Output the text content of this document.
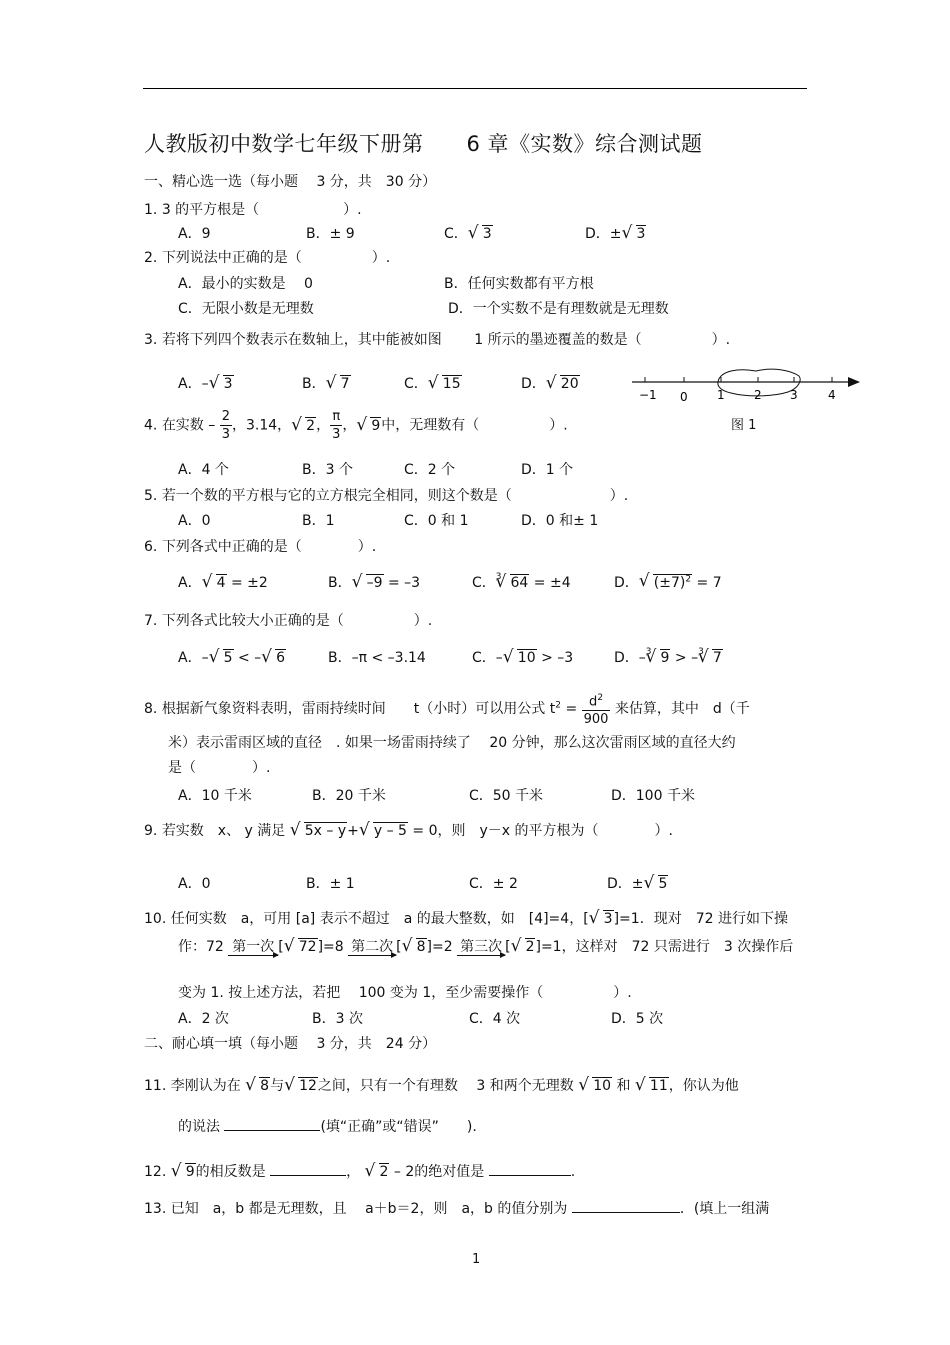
人教版初中数学七年级下册第　　6 章《实数》综合测试题
一、精心选一选（每小题　 3 分，共　30 分）
1. 3 的平方根是（　　　　　　）.
A．9	B．± 9	C． √ 3	D．± √ 3
2. 下列说法中正确的是（　　　　　）.
A．最小的实数是　 0	B．任何实数都有平方根
C．无限小数是无理数	D．一个实数不是有理数就是无理数
3. 若将下列四个数表示在数轴上，其中能被如图　　 1 所示的墨迹覆盖的数是（　　　　　）.
A．– √ 3	B． √ 7	C． √ 15	D． √ 20
−1 0 1 2 3	4
图 1
4. 在实数 – $\frac{2}{3}$ ，3.14， √ 2， $\frac{\pi}{3}$ ， √ 9中，无理数有（　　　　　）.
A．4 个	B．3 个	C．2 个	D．1 个
5. 若一个数的平方根与它的立方根完全相同，则这个数是（　　　　　　　）.
A．0	B．1	C．0 和 1	D．0 和± 1
6. 下列各式中正确的是（　　　　）.
A． √ 4 = ±2	B． √ –9 = –3	C．$^3$ √ 64 = ±4	D． √ $(\pm 7)^2 = 7$
7. 下列各式比较大小正确的是（　　　　　）.
A．– √ 5 < – √ 6	B．–π < –3.14	C．– √ 10 > –3	D．–$^3$ √ 9 > –$^3$ √ 7
8. 根据新气象资料表明，雷雨持续时间　　t（小时）可以用公式 $t^2 = \frac{d^2}{900}$ 来估算，其中　d（千
米）表示雷雨区域的直径　. 如果一场雷雨持续了　 20 分钟，那么这次雷雨区域的直径大约
是（　　　　）.
A．10 千米	B．20 千米	C．50 千米	D．100 千米
9. 若实数　x、 y 满足 √ 5x – y+ √ y – 5 = 0，则　y－x 的平方根为（　　　　）.
A．0	B．± 1	C．± 2	D．± √ 5
10. 任何实数　a，可用 [a] 表示不超过　a 的最大整数，如　[4]=4，[ √ 3]=1．现对　72 进行如下操
作：72 第一次 [ √ 72]=8 第二次 [ √ 8]=2 第三次 [ √ 2]=1，这样对　72 只需进行　3 次操作后
变为 1. 按上述方法，若把　 100 变为 1，至少需要操作（　　　　　）.
A．2 次	B．3 次	C．4 次	D．5 次
二、耐心填一填（每小题　 3 分，共　24 分）
11. 李刚认为在 √ 8与 √ 12之间，只有一个有理数　 3 和两个无理数 √ 10 和 √ 11，你认为他
的说法	(填“正确”或“错误”　　).
12. √ 9的相反数是	， √ 2 – 2的绝对值是	.
13. 已知　a，b 都是无理数，且　 a＋b＝2，则　a，b 的值分别为	．(填上一组满
1
